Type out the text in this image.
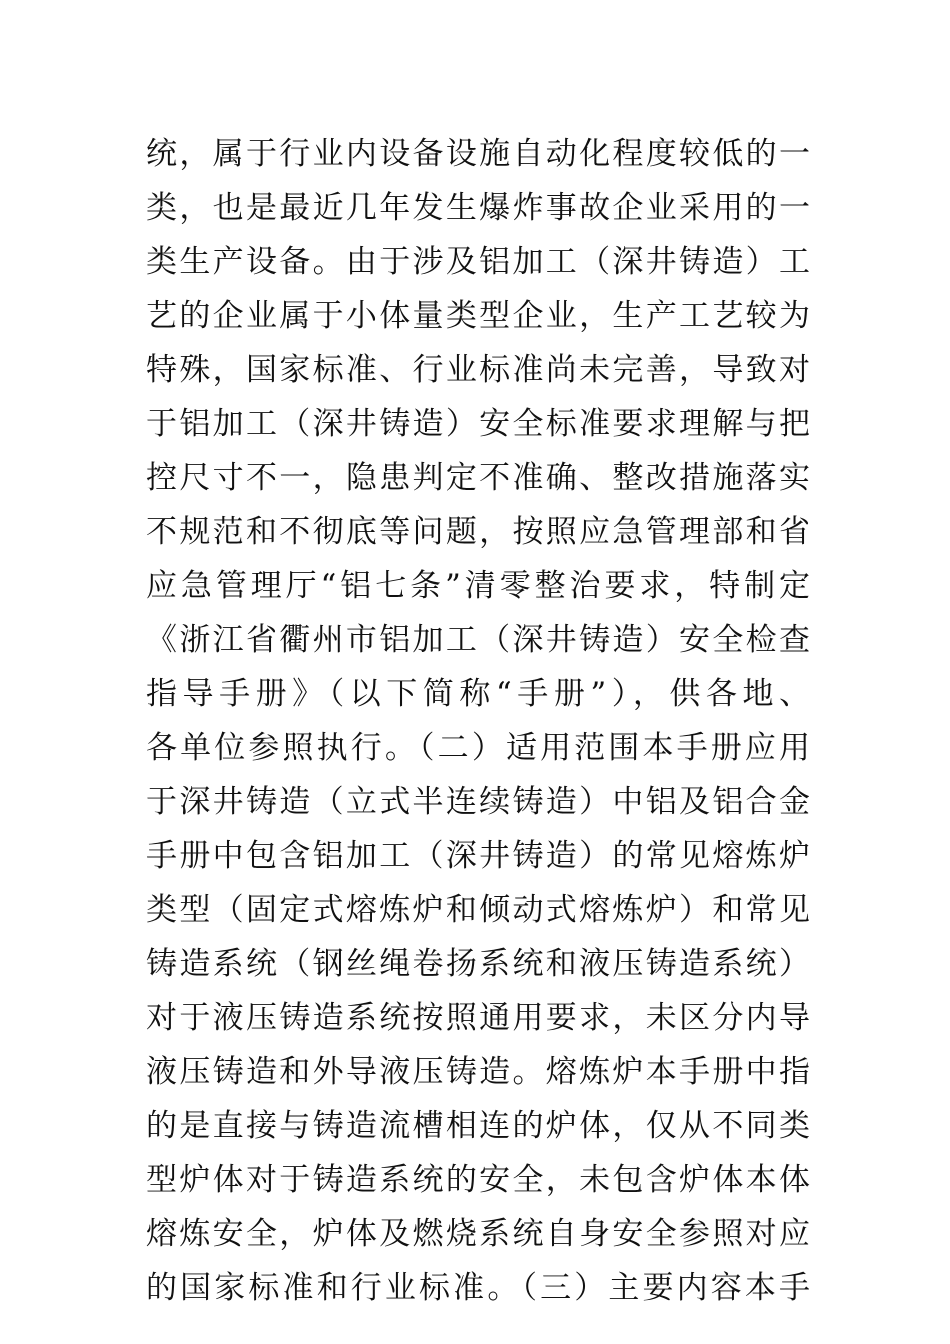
统，属于行业内设备设施自动化程度较低的一
类，也是最近几年发生爆炸事故企业采用的一
类生产设备。由于涉及铝加工（深井铸造）工
艺的企业属于小体量类型企业，生产工艺较为
特殊，国家标准、行业标准尚未完善，导致对
于铝加工（深井铸造）安全标准要求理解与把
控尺寸不一，隐患判定不准确、整改措施落实
不规范和不彻底等问题，按照应急管理部和省
应急管理厅“铝七条”清零整治要求，特制定
《浙江省衢州市铝加工（深井铸造）安全检查
指导手册》（以下简称“手册”），供各地、
各单位参照执行。（二）适用范围本手册应用
于深井铸造（立式半连续铸造）中铝及铝合金
手册中包含铝加工（深井铸造）的常见熔炼炉
类型（固定式熔炼炉和倾动式熔炼炉）和常见
铸造系统（钢丝绳卷扬系统和液压铸造系统）
对于液压铸造系统按照通用要求，未区分内导
液压铸造和外导液压铸造。熔炼炉本手册中指
的是直接与铸造流槽相连的炉体，仅从不同类
型炉体对于铸造系统的安全，未包含炉体本体
熔炼安全，炉体及燃烧系统自身安全参照对应
的国家标准和行业标准。（三）主要内容本手
